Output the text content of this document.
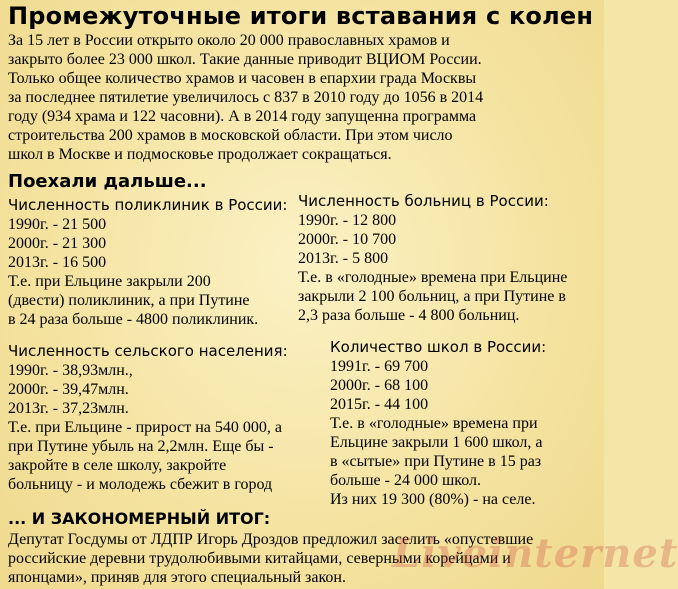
Промежуточные итоги вставания с колен
За 15 лет в России открыто около 20 000 православных храмов и
закрыто более 23 000 школ. Такие данные приводит ВЦИОМ России.
Только общее количество храмов и часовен в епархии града Москвы
за последнее пятилетие увеличилось с 837 в 2010 году до 1056 в 2014
году (934 храма и 122 часовни). А в 2014 году запущенна программа
строительства 200 храмов в московской области. При этом число
школ в Москве и подмосковье продолжает сокращаться.
Поехали дальше...
Численность поликлиник в России:
1990г. - 21 500
2000г. - 21 300
2013г. - 16 500
Т.е. при Ельцине закрыли 200
(двести) поликлиник, а при Путине
в 24 раза больше - 4800 поликлиник.
Численность больниц в России:
1990г. - 12 800
2000г. - 10 700
2013г. - 5 800
Т.е. в «голодные» времена при Ельцине
закрыли 2 100 больниц, а при Путине в
2,3 раза больше - 4 800 больниц.
Численность сельского населения:
1990г. - 38,93млн.,
2000г. - 39,47млн.
2013г. - 37,23млн.
Т.е. при Ельцине - прирост на 540 000, а
при Путине убыль на 2,2млн. Еще бы -
закройте в селе школу, закройте
больницу - и молодежь сбежит в город
Количество школ в России:
1991г. - 69 700
2000г. - 68 100
2015г. - 44 100
Т.е. в «голодные» времена при
Ельцине закрыли 1 600 школ, а
в «сытые» при Путине в 15 раз
больше - 24 000 школ.
Из них 19 300 (80%) - на селе.
... И ЗАКОНОМЕРНЫЙ ИТОГ:
Депутат Госдумы от ЛДПР Игорь Дроздов предложил заселить «опустевшие
российские деревни трудолюбивыми китайцами, северными корейцами и
японцами», приняв для этого специальный закон.
Liveinternet
